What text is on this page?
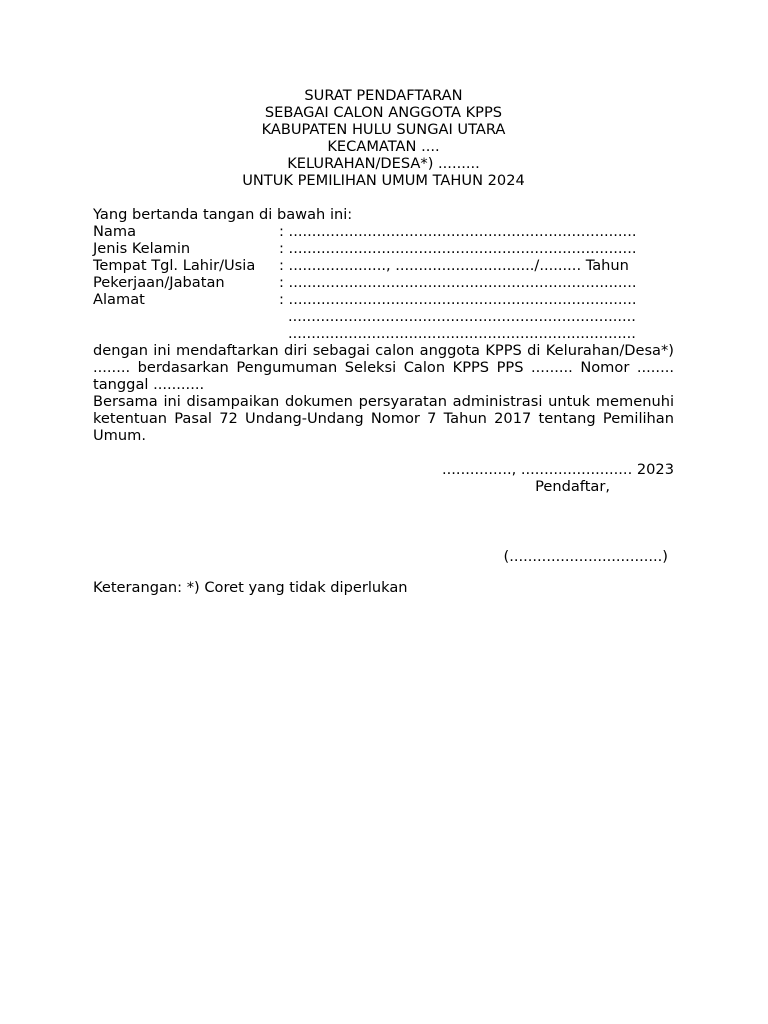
SURAT PENDAFTARAN
SEBAGAI CALON ANGGOTA KPPS
KABUPATEN HULU SUNGAI UTARA
KECAMATAN ....
KELURAHAN/DESA*) .........
UNTUK PEMILIHAN UMUM TAHUN 2024
Yang bertanda tangan di bawah ini:
Nama	: ...........................................................................
Jenis Kelamin	: ...........................................................................
Tempat Tgl. Lahir/Usia	: ....................., ............................../......... Tahun
Pekerjaan/Jabatan	: ...........................................................................
Alamat	: ...........................................................................
...........................................................................
...........................................................................

dengan ini mendaftarkan diri sebagai calon anggota KPPS di Kelurahan/Desa*) ........ berdasarkan Pengumuman Seleksi Calon KPPS PPS ......... Nomor ........ tanggal ...........

Bersama ini disampaikan dokumen persyaratan administrasi untuk memenuhi ketentuan Pasal 72 Undang-Undang Nomor 7 Tahun 2017 tentang Pemilihan Umum.

..............., ........................ 2023
Pendaftar,
(.................................)
Keterangan: *) Coret yang tidak diperlukan
